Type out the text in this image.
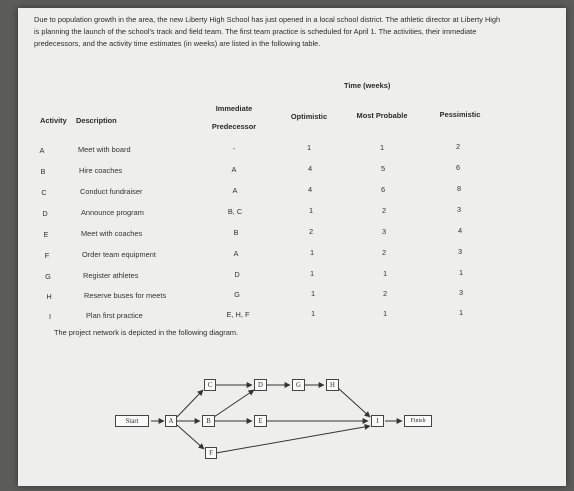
Due to population growth in the area, the new Liberty High School has just opened in a local school district. The athletic director at Liberty High is planning the launch of the school's track and field team. The first team practice is scheduled for April 1. The activities, their immediate predecessors, and the activity time estimates (in weeks) are listed in the following table.
Time (weeks)
Activity Description
Immediate
Predecessor
Optimistic	Most Probable	Pessimistic
A	Meet with board	-	1	1	2
B	Hire coaches	A	4	5	6
C	Conduct fundraiser	A	4	6	8
D	Announce program	B, C	1	2	3
E	Meet with coaches	B	2	3	4
F	Order team equipment	A	1	2	3
G	Register athletes	D	1	1	1
H	Reserve buses for meets	G	1	2	3
I	Plan first practice	E, H, F	1	1	1
The project network is depicted in the following diagram.
Start	A
C
B
F
D
E
G	H
I	Finish
